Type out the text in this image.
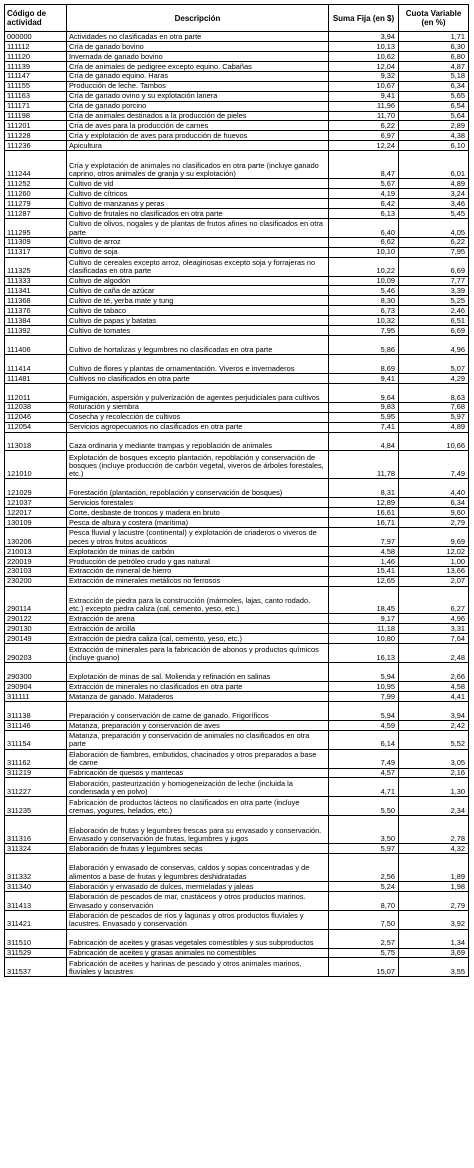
Código de actividad	Descripción	Suma Fija (en $)	Cuota Variable (en %)
000000	Actividades no clasificadas en otra parte	3,94	1,71
111112	Cría de ganado bovino	10,13	6,30
111120	Invernada de ganado bovino	10,62	6,80
111139	Cría de animales de pedigree excepto equino. Cabañas	12,04	4,87
111147	Cría de ganado equino. Haras	9,32	5,18
111155	Producción de leche. Tambos	10,67	6,34
111163	Cría de ganado ovino y su explotación lanera	9,41	5,65
111171	Cría de ganado porcino	11,96	6,54
111198	Cría de animales destinados a la producción de pieles	11,70	5,64
111201	Cría de aves para la producción de carnes	6,22	2,89
111228	Cría y explotación de aves para producción de huevos	6,97	4,38
111236	Apicultura	12,24	6,10
111244	Cría y explotación de animales no clasificados en otra parte (incluye ganado caprino, otros animales de granja y su explotación)	8,47	6,01
111252	Cultivo de vid	5,67	4,89
111260	Cultivo de cítricos	4,19	3,24
111279	Cultivo de manzanas y peras	6,42	3,46
111287	Cultivo de frutales no clasificados en otra parte	6,13	5,45
111295	Cultivo de olivos, nogales y de plantas de frutos afines no clasificados en otra parte	6,40	4,05
111309	Cultivo de arroz	6,62	6,22
111317	Cultivo de soja	10,10	7,95
111325	Cultivo de cereales excepto arroz, oleaginosas excepto soja y forrajeras no clasificadas en otra parte	10,22	6,69
111333	Cultivo de algodón	10,09	7,77
111341	Cultivo de caña de azúcar	5,46	3,39
111368	Cultivo de té, yerba mate y tung	8,30	5,25
111376	Cultivo de tabaco	6,73	2,46
111384	Cultivo de papas y batatas	10,32	6,51
111392	Cultivo de tomates	7,95	6,69
111406	Cultivo de hortalizas y legumbres no clasificadas en otra parte	5,86	4,96
111414	Cultivo de flores y plantas de ornamentación. Viveros e invernaderos	8,69	5,07
111481	Cultivos no clasificados en otra parte	9,41	4,29
112011	Fumigación, aspersión y pulverización de agentes perjudiciales para cultivos	9,64	8,63
112038	Roturación y siembra	9,83	7,68
112046	Cosecha y recolección de cultivos	5,95	5,97
112054	Servicios agropecuarios no clasificados en otra parte	7,41	4,89
113018	Caza ordinaria y mediante trampas y repoblación de animales	4,84	10,66
121010	Explotación de bosques excepto plantación, repoblación y conservación de bosques (incluye producción de carbón vegetal, viveros de árboles forestales, etc.)	11,78	7,49
121029	Forestación (plantación, repoblación y conservación de bosques)	8,31	4,40
121037	Servicios forestales	12,89	6,34
122017	Corte, desbaste de troncos y madera en bruto	16,61	9,60
130109	Pesca de altura y costera (marítima)	16,71	2,79
130206	Pesca fluvial y lacustre (continental) y explotación de criaderos o viveros de peces y otros frutos acuáticos	7,97	9,69
210013	Explotación de minas de carbón	4,58	12,02
220019	Producción de petróleo crudo y gas natural	1,46	1,00
230103	Extracción de mineral de hierro	15,41	13,66
230200	Extracción de minerales metálicos no ferrosos	12,65	2,07
290114	Extracción de piedra para la construcción (mármoles, lajas, canto rodado, etc.) excepto piedra caliza (cal, cemento, yeso, etc.)	18,45	6,27
290122	Extracción de arena	9,17	4,96
290130	Extracción de arcilla	11,18	3,31
290149	Extracción de piedra caliza (cal, cemento, yeso, etc.)	10,80	7,64
290203	Extracción de minerales para la fabricación de abonos y productos químicos (incluye guano)	16,13	2,48
290300	Explotación de minas de sal. Molienda y refinación en salinas	5,94	2,66
290904	Extracción de minerales no clasificados en otra parte	10,95	4,58
311111	Matanza de ganado. Mataderos	7,99	4,41
311138	Preparación y conservación de carne de ganado. Frigoríficos	5,94	3,94
311146	Matanza, preparación y conservación de aves	4,59	2,42
311154	Matanza, preparación y conservación de animales no clasificados en otra parte	6,14	5,52
311162	Elaboración de fiambres, embutidos, chacinados y otros preparados a base de carne	7,49	3,05
311219	Fabricación de quesos y mantecas	4,57	2,16
311227	Elaboración, pasteurización y homogeneización de leche (incluida la condensada y en polvo)	4,71	1,30
311235	Fabricación de productos lácteos no clasificados en otra parte (incluye cremas, yogures, helados, etc.)	5,50	2,34
311316	Elaboración de frutas y legumbres frescas para su envasado y conservación. Envasado y conservación de frutas, legumbres y jugos	3,50	2,78
311324	Elaboración de frutas y legumbres secas	5,97	4,32
311332	Elaboración y envasado de conservas, caldos y sopas concentradas y de alimentos a base de frutas y legumbres deshidratadas	2,56	1,89
311340	Elaboración y envasado de dulces, mermeladas y jaleas	5,24	1,98
311413	Elaboración de pescados de mar, crustáceos y otros productos marinos. Envasado y conservación	8,70	2,79
311421	Elaboración de pescados de ríos y lagunas y otros productos fluviales y lacustres. Envasado y conservación	7,50	3,92
311510	Fabricación de aceites y grasas vegetales comestibles y sus subproductos	2,57	1,34
311529	Fabricación de aceites y grasas animales no comestibles	5,75	3,69
311537	Fabricación de aceites y harinas de pescado y otros animales marinos, fluviales y lacustres	15,07	3,55
